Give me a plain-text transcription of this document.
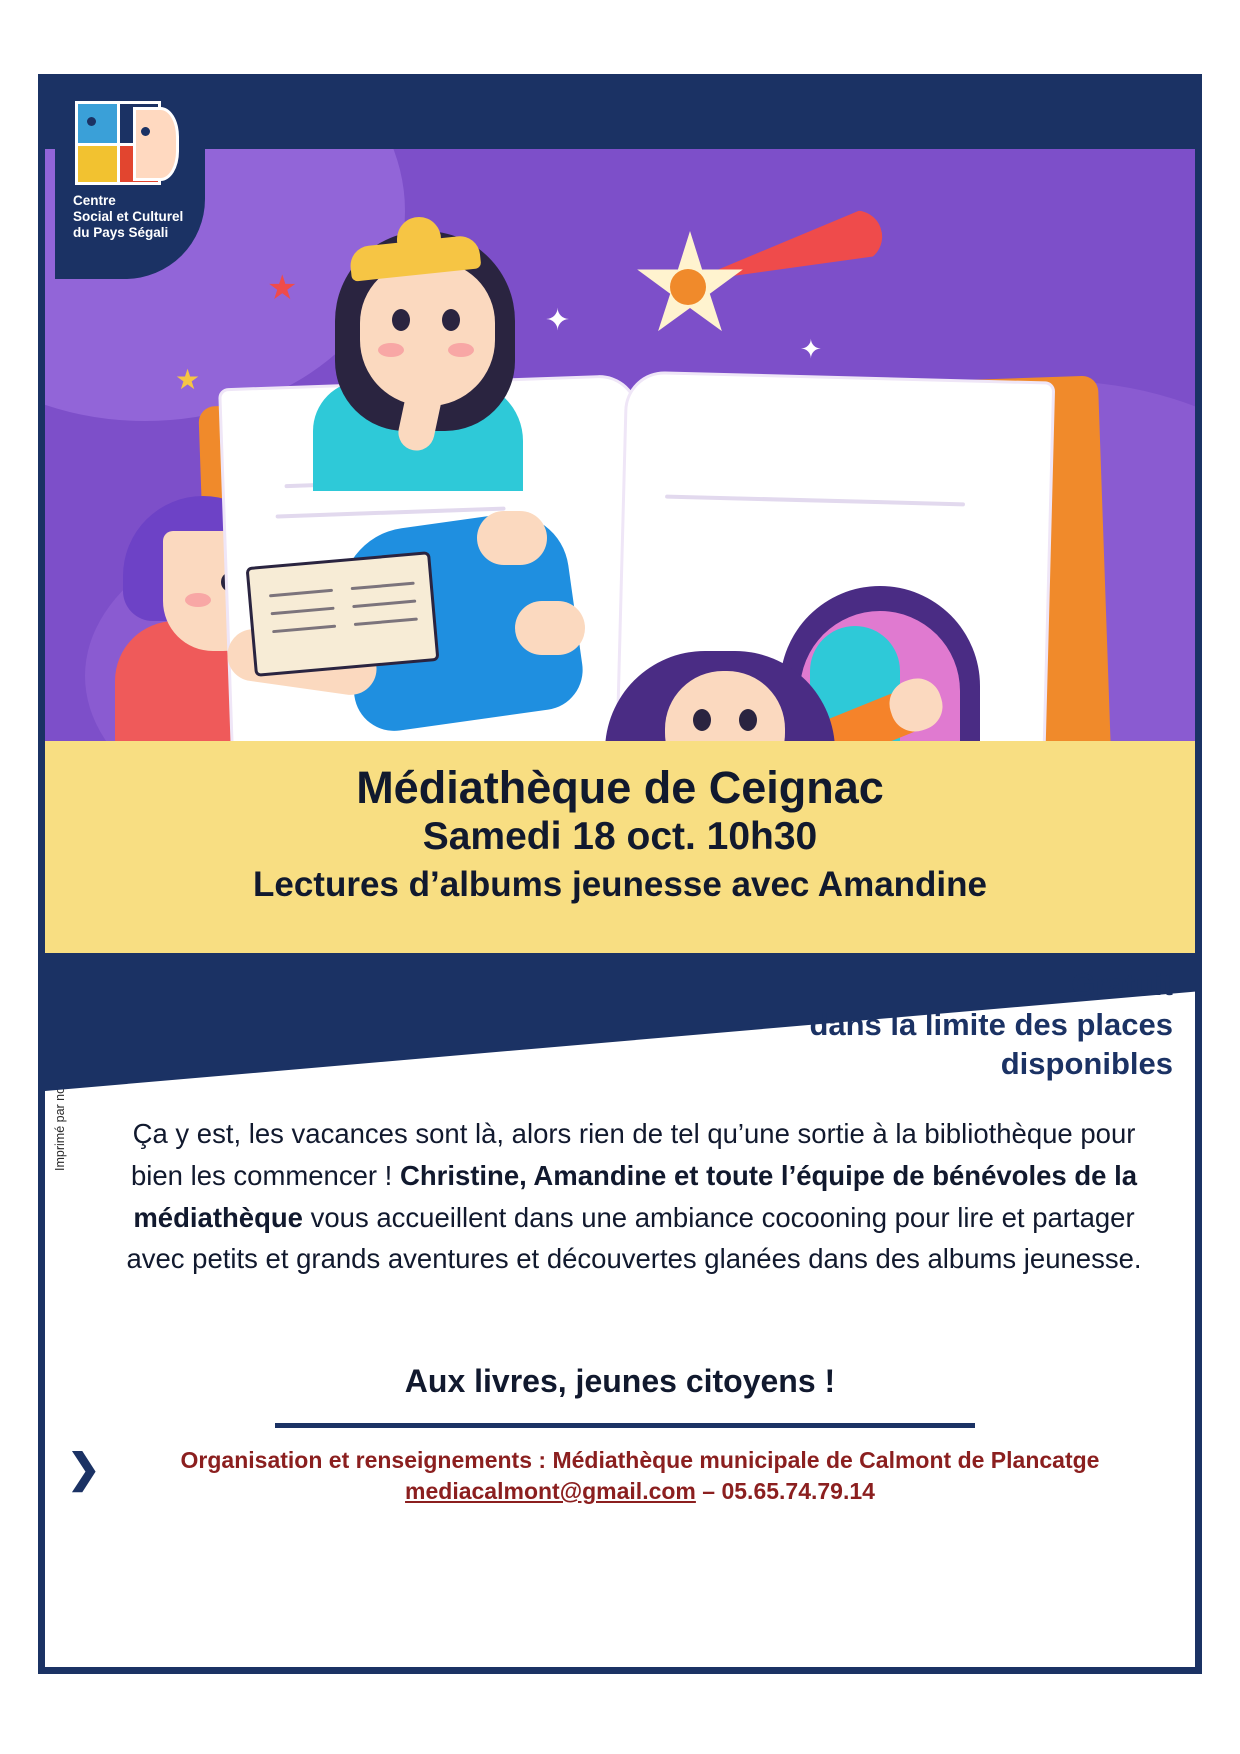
★
★
✦
✦
Centre
Social et Culturel
du Pays Ségali
Médiathèque de Ceignac
Samedi 18 oct. 10h30
Lectures d’albums jeunesse avec Amandine
Gratuit
dans la limite des places
disponibles
Ça y est, les vacances sont là, alors rien de tel qu’une sortie à la bibliothèque pour bien les commencer ! Christine, Amandine et toute l’équipe de bénévoles de la médiathèque vous accueillent dans une ambiance cocooning pour lire et partager avec petits et grands aventures et découvertes glanées dans des albums jeunesse.
Aux livres, jeunes citoyens !
❯	Organisation et renseignements : Médiathèque municipale de Calmont de Plancatge
mediacalmont@gmail.com – 05.65.74.79.14
